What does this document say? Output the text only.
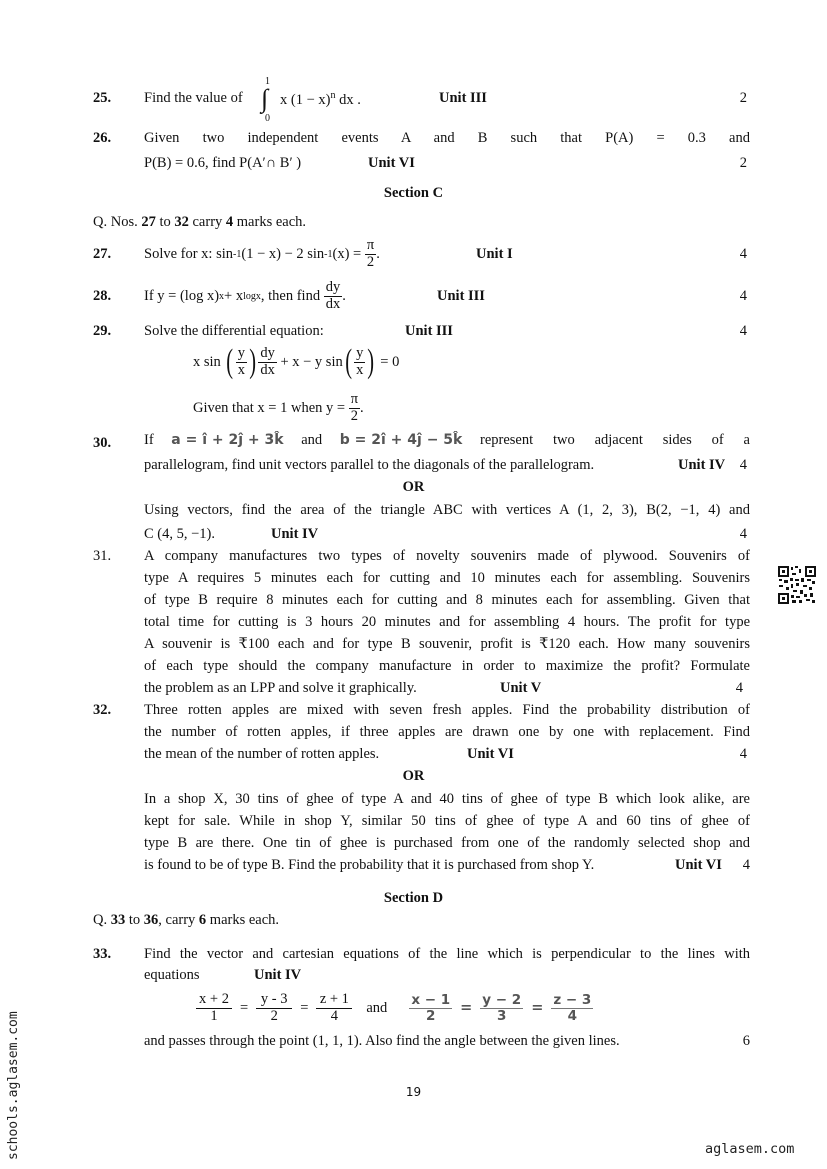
25. Find the value of
1
∫
0
x $(1 - x)^n$ dx .	Unit III	2
26. Given two independent events A and B such that P(A) = 0.3 and
P(B) = 0.6, find P(A′∩ B′ )	Unit VI	2
Section C
Q. Nos. 27 to 32 carry 4 marks each.
27. Solve for x: sin -1 (1 − x) − 2 sin -1 (x) =
$\frac{\pi}{2}$ .	Unit I	4
28. If y = (log x) x + x logx , then find
$\frac{dy}{dx}$ .	Unit III	4
29. Solve the differential equation:	Unit III	4
x sin
( $\frac{y}{x}$ ) $\frac{dy}{dx}$
+ x − y sin ( $\frac{y}{x}$ )
= 0
Given that x = 1 when y =
$\frac{\pi}{2}$ .
30. If a = î + 2ĵ + 3k̂ and b = 2î + 4ĵ − 5k̂ represent two adjacent sides of a
parallelogram, find unit vectors parallel to the diagonals of the parallelogram.	Unit IV	4
OR
Using vectors, find the area of the triangle ABC with vertices A (1, 2, 3), B(2, −1, 4) and
C (4, 5, −1).	Unit IV	4
31. A company manufactures two types of novelty souvenirs made of plywood. Souvenirs of
type A requires 5 minutes each for cutting and 10 minutes each for assembling. Souvenirs
of type B require 8 minutes each for cutting and 8 minutes each for assembling. Given that
total time for cutting is 3 hours 20 minutes and for assembling 4 hours. The profit for type
A souvenir is ₹100 each and for type B souvenir, profit is ₹120 each. How many souvenirs
of each type should the company manufacture in order to maximize the profit? Formulate
the problem as an LPP and solve it graphically.	Unit V	4
32. Three rotten apples are mixed with seven fresh apples. Find the probability distribution of
the number of rotten apples, if three apples are drawn one by one with replacement. Find
the mean of the number of rotten apples.	Unit VI	4
OR
In a shop X, 30 tins of ghee of type A and 40 tins of ghee of type B which look alike, are
kept for sale. While in shop Y, similar 50 tins of ghee of type A and 60 tins of ghee of
type B are there. One tin of ghee is purchased from one of the randomly selected shop and
is found to be of type B. Find the probability that it is purchased from shop Y.	Unit VI	4
Section D
Q. 33 to 36, carry 6 marks each.
33. Find the vector and cartesian equations of the line which is perpendicular to the lines with
equations	Unit IV
$\frac{x + 2}{1} = \frac{y - 3}{2} = \frac{z + 1}{4}$ and $\frac{x - 1}{2} = \frac{y - 2}{3} = \frac{z - 3}{4}$
and passes through the point (1, 1, 1). Also find the angle between the given lines.	6
19
schools.aglasem.com	aglasem.com
